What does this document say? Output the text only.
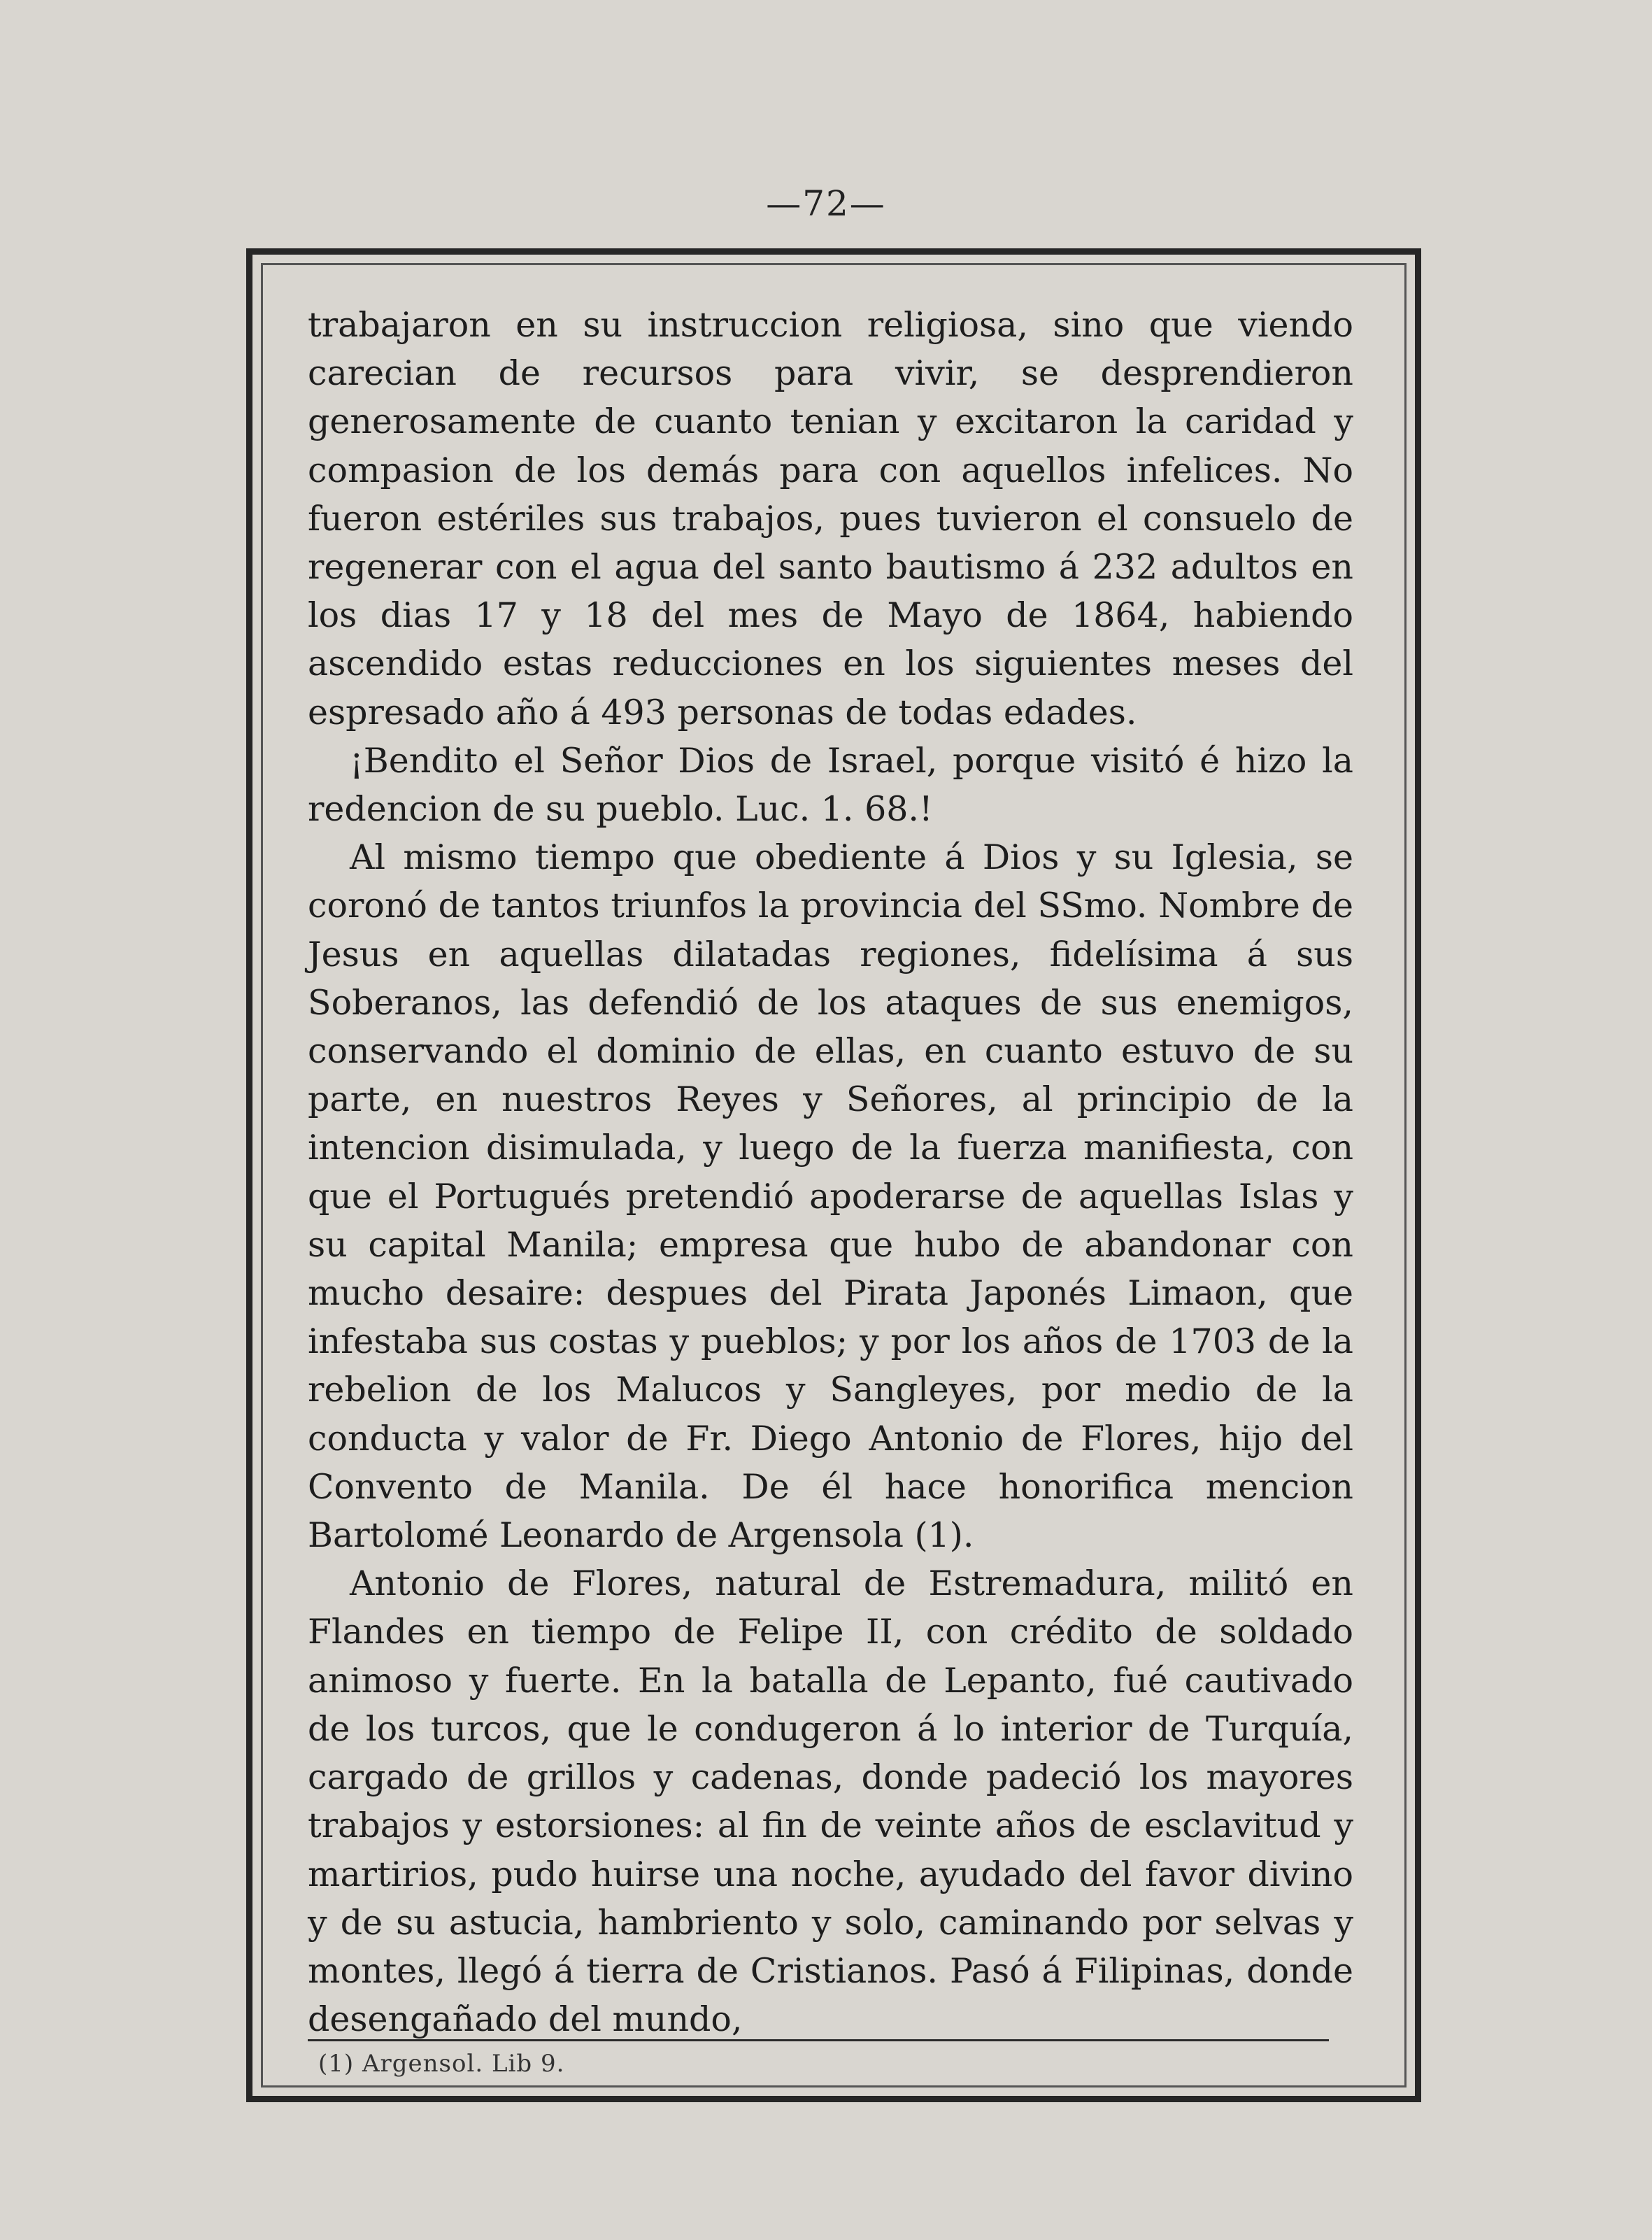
—72—

trabajaron en su instruccion religiosa, sino que viendo carecian de recursos para vivir, se desprendieron generosamente de cuanto tenian y excitaron la caridad y compasion de los demás para con aquellos infelices. No fueron estériles sus trabajos, pues tuvieron el consuelo de regenerar con el agua del santo bautismo á 232 adultos en los dias 17 y 18 del mes de Mayo de 1864, habiendo ascendido estas reducciones en los siguientes meses del espresado año á 493 personas de todas edades.

¡Bendito el Señor Dios de Israel, porque visitó é hizo la redencion de su pueblo. Luc. 1. 68.!

Al mismo tiempo que obediente á Dios y su Iglesia, se coronó de tantos triunfos la provincia del SSmo. Nombre de Jesus en aquellas dilatadas regiones, fidelísima á sus Soberanos, las defendió de los ataques de sus enemigos, conservando el dominio de ellas, en cuanto estuvo de su parte, en nuestros Reyes y Señores, al principio de la intencion disimulada, y luego de la fuerza manifiesta, con que el Portugués pretendió apoderarse de aquellas Islas y su capital Manila; empresa que hubo de abandonar con mucho desaire: despues del Pirata Japonés Limaon, que infestaba sus costas y pueblos; y por los años de 1703 de la rebelion de los Malucos y Sangleyes, por medio de la conducta y valor de Fr. Diego Antonio de Flores, hijo del Convento de Manila. De él hace honorifica mencion Bartolomé Leonardo de Argensola (1).

Antonio de Flores, natural de Estremadura, militó en Flandes en tiempo de Felipe II, con crédito de soldado animoso y fuerte. En la batalla de Lepanto, fué cautivado de los turcos, que le condugeron á lo interior de Turquía, cargado de grillos y cadenas, donde padeció los mayores trabajos y estorsiones: al fin de veinte años de esclavitud y martirios, pudo huirse una noche, ayudado del favor divino y de su astucia, hambriento y solo, caminando por selvas y montes, llegó á tierra de Cristianos. Pasó á Filipinas, donde desengañado del mundo,

(1) Argensol. Lib 9.
